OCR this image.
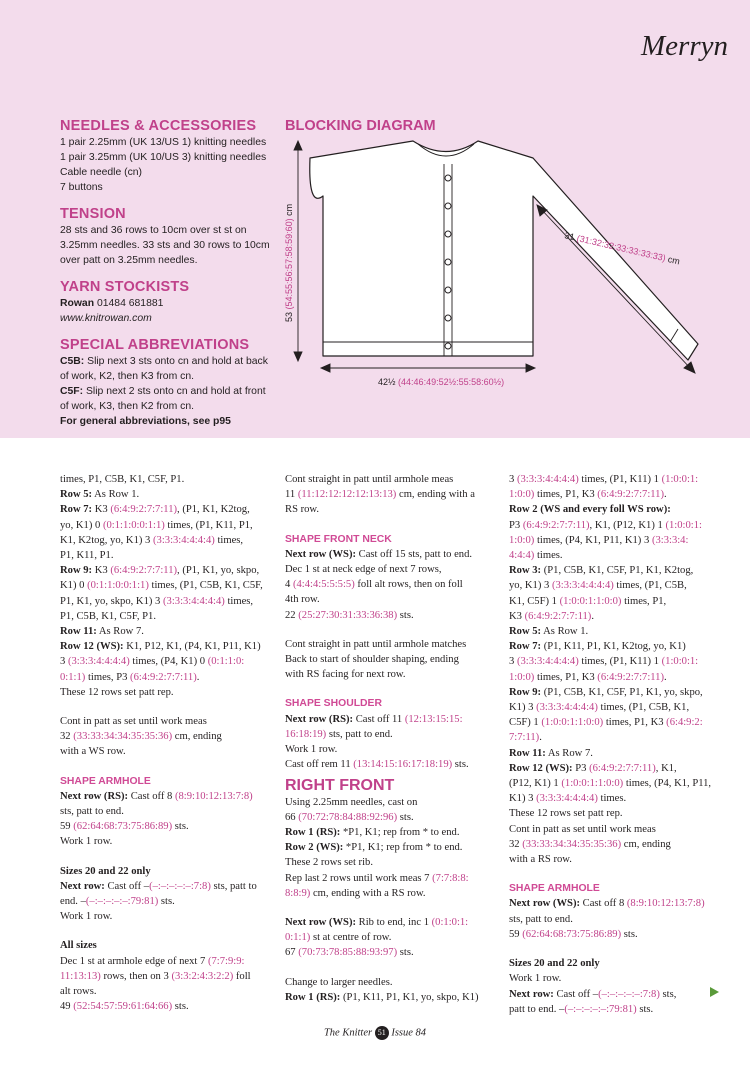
Merryn
NEEDLES & ACCESSORIES
1 pair 2.25mm (UK 13/US 1) knitting needles
1 pair 3.25mm (UK 10/US 3) knitting needles
Cable needle (cn)
7 buttons
TENSION
28 sts and 36 rows to 10cm over st st on
3.25mm needles. 33 sts and 30 rows to 10cm
over patt on 3.25mm needles.
YARN STOCKISTS
Rowan 01484 681881
www.knitrowan.com
SPECIAL ABBREVIATIONS
C5B: Slip next 3 sts onto cn and hold at back
of work, K2, then K3 from cn.
C5F: Slip next 2 sts onto cn and hold at front
of work, K3, then K2 from cn.
For general abbreviations, see p95
BLOCKING DIAGRAM
53 (54:55:56:57:58:59:60) cm
42½ (44:46:49:52½:55:58:60½)
31 (31:32:32:33:33:33:33) cm

times, P1, C5B, K1, C5F, P1.

Row 5: As Row 1.

Row 7: K3 (6:4:9:2:7:7:11), (P1, K1, K2tog,

yo, K1) 0 (0:1:1:0:0:1:1) times, (P1, K11, P1,

K1, K2tog, yo, K1) 3 (3:3:3:4:4:4:4) times,

P1, K11, P1.

Row 9: K3 (6:4:9:2:7:7:11), (P1, K1, yo, skpo,

K1) 0 (0:1:1:0:0:1:1) times, (P1, C5B, K1, C5F,

P1, K1, yo, skpo, K1) 3 (3:3:3:4:4:4:4) times,

P1, C5B, K1, C5F, P1.

Row 11: As Row 7.

Row 12 (WS): K1, P12, K1, (P4, K1, P11, K1)

3 (3:3:3:4:4:4:4) times, (P4, K1) 0 (0:1:1:0:

0:1:1) times, P3 (6:4:9:2:7:7:11).

These 12 rows set patt rep.

Cont in patt as set until work meas

32 (33:33:34:34:35:35:36) cm, ending

with a WS row.

SHAPE ARMHOLE

Next row (RS): Cast off 8 (8:9:10:12:13:7:8)

sts, patt to end.

59 (62:64:68:73:75:86:89) sts.

Work 1 row.

Sizes 20 and 22 only

Next row: Cast off –(–:–:–:–:–:7:8) sts, patt to

end. –(–:–:–:–:–:79:81) sts.

Work 1 row.

All sizes

Dec 1 st at armhole edge of next 7 (7:7:9:9:

11:13:13) rows, then on 3 (3:3:2:4:3:2:2) foll

alt rows.

49 (52:54:57:59:61:64:66) sts.

Cont straight in patt until armhole meas

11 (11:12:12:12:12:13:13) cm, ending with a

RS row.

SHAPE FRONT NECK

Next row (WS): Cast off 15 sts, patt to end.

Dec 1 st at neck edge of next 7 rows,

4 (4:4:4:5:5:5:5) foll alt rows, then on foll

4th row.

22 (25:27:30:31:33:36:38) sts.

Cont straight in patt until armhole matches

Back to start of shoulder shaping, ending

with RS facing for next row.

SHAPE SHOULDER

Next row (RS): Cast off 11 (12:13:15:15:

16:18:19) sts, patt to end.

Work 1 row.

Cast off rem 11 (13:14:15:16:17:18:19) sts.

RIGHT FRONT

Using 2.25mm needles, cast on

66 (70:72:78:84:88:92:96) sts.

Row 1 (RS): *P1, K1; rep from * to end.

Row 2 (WS): *P1, K1; rep from * to end.

These 2 rows set rib.

Rep last 2 rows until work meas 7 (7:7:8:8:

8:8:9) cm, ending with a RS row.

Next row (WS): Rib to end, inc 1 (0:1:0:1:

0:1:1) st at centre of row.

67 (70:73:78:85:88:93:97) sts.

Change to larger needles.

Row 1 (RS): (P1, K11, P1, K1, yo, skpo, K1)

3 (3:3:3:4:4:4:4) times, (P1, K11) 1 (1:0:0:1:

1:0:0) times, P1, K3 (6:4:9:2:7:7:11).

Row 2 (WS and every foll WS row):

P3 (6:4:9:2:7:7:11), K1, (P12, K1) 1 (1:0:0:1:

1:0:0) times, (P4, K1, P11, K1) 3 (3:3:3:4:

4:4:4) times.

Row 3: (P1, C5B, K1, C5F, P1, K1, K2tog,

yo, K1) 3 (3:3:3:4:4:4:4) times, (P1, C5B,

K1, C5F) 1 (1:0:0:1:1:0:0) times, P1,

K3 (6:4:9:2:7:7:11).

Row 5: As Row 1.

Row 7: (P1, K11, P1, K1, K2tog, yo, K1)

3 (3:3:3:4:4:4:4) times, (P1, K11) 1 (1:0:0:1:

1:0:0) times, P1, K3 (6:4:9:2:7:7:11).

Row 9: (P1, C5B, K1, C5F, P1, K1, yo, skpo,

K1) 3 (3:3:3:4:4:4:4) times, (P1, C5B, K1,

C5F) 1 (1:0:0:1:1:0:0) times, P1, K3 (6:4:9:2:

7:7:11).

Row 11: As Row 7.

Row 12 (WS): P3 (6:4:9:2:7:7:11), K1,

(P12, K1) 1 (1:0:0:1:1:0:0) times, (P4, K1, P11,

K1) 3 (3:3:3:4:4:4:4) times.

These 12 rows set patt rep.

Cont in patt as set until work meas

32 (33:33:34:34:35:35:36) cm, ending

with a RS row.

SHAPE ARMHOLE

Next row (WS): Cast off 8 (8:9:10:12:13:7:8)

sts, patt to end.

59 (62:64:68:73:75:86:89) sts.

Sizes 20 and 22 only

Work 1 row.

Next row: Cast off –(–:–:–:–:–:7:8) sts,

patt to end. –(–:–:–:–:–:79:81) sts.

The Knitter 51 Issue 84
